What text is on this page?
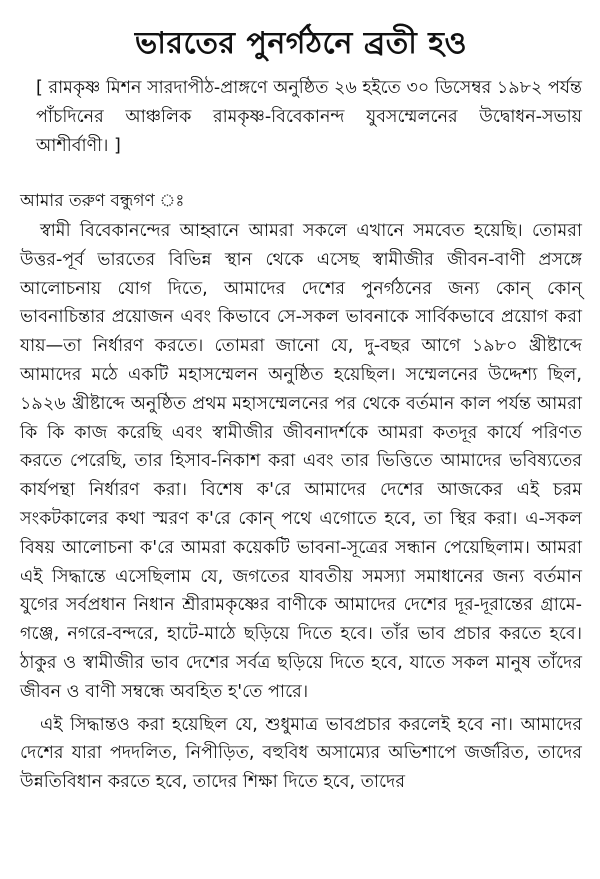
ভারতের পুনর্গঠনে ব্রতী হও

[ রামকৃষ্ণ মিশন সারদাপীঠ-প্রাঙ্গণে অনুষ্ঠিত ২৬ হইতে ৩০ ডিসেম্বর ১৯৮২ পর্যন্ত পাঁচদিনের আঞ্চলিক রামকৃষ্ণ-বিবেকানন্দ যুবসম্মেলনের উদ্বোধন-সভায় আশীর্বাণী। ]

আমার তরুণ বন্ধুগণ ঃ

স্বামী বিবেকানন্দের আহ্বানে আমরা সকলে এখানে সমবেত হয়েছি। তোমরা উত্তর-পূর্ব ভারতের বিভিন্ন স্থান থেকে এসেছ স্বামীজীর জীবন-বাণী প্রসঙ্গে আলোচনায় যোগ দিতে, আমাদের দেশের পুনর্গঠনের জন্য কোন্ কোন্ ভাবনাচিন্তার প্রয়োজন এবং কিভাবে সে-সকল ভাবনাকে সার্বিকভাবে প্রয়োগ করা যায়—তা নির্ধারণ করতে। তোমরা জানো যে, দু-বছর আগে ১৯৮০ খ্রীষ্টাব্দে আমাদের মঠে একটি মহাসম্মেলন অনুষ্ঠিত হয়েছিল। সম্মেলনের উদ্দেশ্য ছিল, ১৯২৬ খ্রীষ্টাব্দে অনুষ্ঠিত প্রথম মহাসম্মেলনের পর থেকে বর্তমান কাল পর্যন্ত আমরা কি কি কাজ করেছি এবং স্বামীজীর জীবনাদর্শকে আমরা কতদূর কার্যে পরিণত করতে পেরেছি, তার হিসাব-নিকাশ করা এবং তার ভিত্তিতে আমাদের ভবিষ্যতের কার্যপন্থা নির্ধারণ করা। বিশেষ ক'রে আমাদের দেশের আজকের এই চরম সংকটকালের কথা স্মরণ ক'রে কোন্ পথে এগোতে হবে, তা স্থির করা। এ-সকল বিষয় আলোচনা ক'রে আমরা কয়েকটি ভাবনা-সূত্রের সন্ধান পেয়েছিলাম। আমরা এই সিদ্ধান্তে এসেছিলাম যে, জগতের যাবতীয় সমস্যা সমাধানের জন্য বর্তমান যুগের সর্বপ্রধান নিধান শ্রীরামকৃষ্ণের বাণীকে আমাদের দেশের দূর-দূরান্তের গ্রামে-গঞ্জে, নগরে-বন্দরে, হাটে-মাঠে ছড়িয়ে দিতে হবে। তাঁর ভাব প্রচার করতে হবে। ঠাকুর ও স্বামীজীর ভাব দেশের সর্বত্র ছড়িয়ে দিতে হবে, যাতে সকল মানুষ তাঁদের জীবন ও বাণী সম্বন্ধে অবহিত হ'তে পারে।

এই সিদ্ধান্তও করা হয়েছিল যে, শুধুমাত্র ভাবপ্রচার করলেই হবে না। আমাদের দেশের যারা পদদলিত, নিপীড়িত, বহুবিধ অসাম্যের অভিশাপে জর্জরিত, তাদের উন্নতিবিধান করতে হবে, তাদের শিক্ষা দিতে হবে, তাদের
